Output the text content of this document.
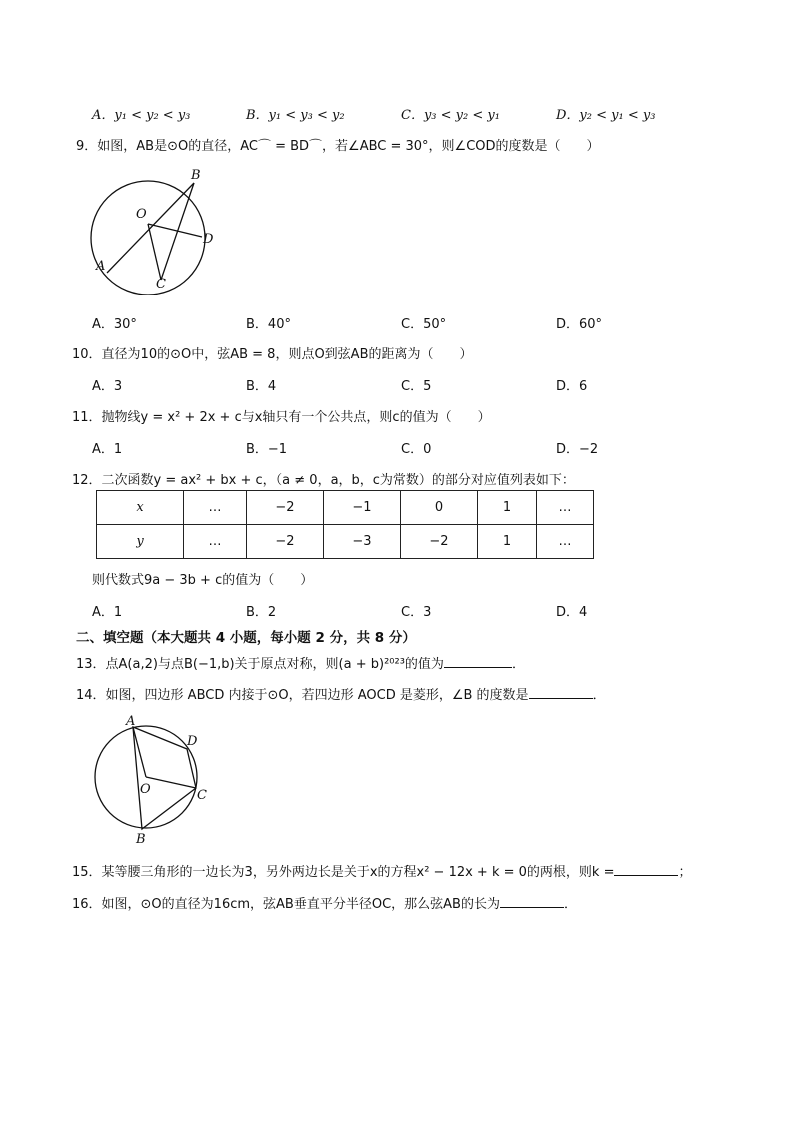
A．y₁ < y₂ < y₃	B．y₁ < y₃ < y₂	C．y₃ < y₂ < y₁	D．y₂ < y₁ < y₃
9．如图，AB是⊙O的直径，AC⌒ = BD⌒，若∠ABC = 30°，则∠COD的度数是（　　）
B
O
D
A
C
A．30°	B．40°	C．50°	D．60°
10．直径为10的⊙O中，弦AB = 8，则点O到弦AB的距离为（　　）
A．3	B．4	C．5	D．6
11．抛物线y = x² + 2x + c与x轴只有一个公共点，则c的值为（　　）
A．1	B．−1	C．0	D．−2
12．二次函数y = ax² + bx + c，（a ≠ 0，a，b，c为常数）的部分对应值列表如下：
x	…	−2	−1	0	1	…
y	…	−2	−3	−2	1	…
则代数式9a − 3b + c的值为（　　）
A．1	B．2	C．3	D．4
二、填空题（本大题共 4 小题，每小题 2 分，共 8 分）
13．点A(a,2)与点B(−1,b)关于原点对称，则(a + b)²⁰²³的值为	．
14．如图，四边形 ABCD 内接于⊙O，若四边形 AOCD 是菱形，∠B 的度数是	．
A
D
O	C
B
15．某等腰三角形的一边长为3，另外两边长是关于x的方程x² − 12x + k = 0的两根，则k =	；
16．如图，⊙O的直径为16cm，弦AB垂直平分半径OC，那么弦AB的长为	．
